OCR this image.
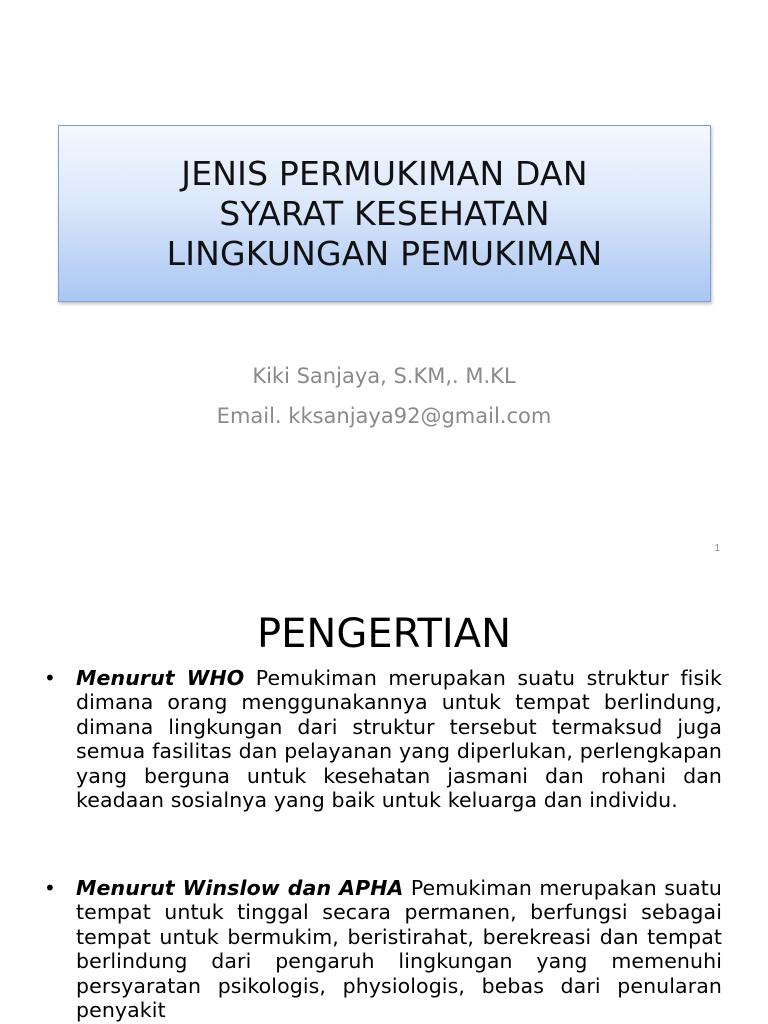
JENIS PERMUKIMAN DAN
SYARAT KESEHATAN
LINGKUNGAN PEMUKIMAN
Kiki Sanjaya, S.KM,. M.KL
Email. kksanjaya92@gmail.com
1
PENGERTIAN
• Menurut WHO Pemukiman merupakan suatu struktur fisik dimana orang menggunakannya untuk tempat berlindung, dimana lingkungan dari struktur tersebut termaksud juga semua fasilitas dan pelayanan yang diperlukan, perlengkapan yang berguna untuk kesehatan jasmani dan rohani dan keadaan sosialnya yang baik untuk keluarga dan individu.
• Menurut Winslow dan APHA Pemukiman merupakan suatu tempat untuk tinggal secara permanen, berfungsi sebagai tempat untuk bermukim, beristirahat, berekreasi dan tempat berlindung dari pengaruh lingkungan yang memenuhi persyaratan psikologis, physiologis, bebas dari penularan penyakit
